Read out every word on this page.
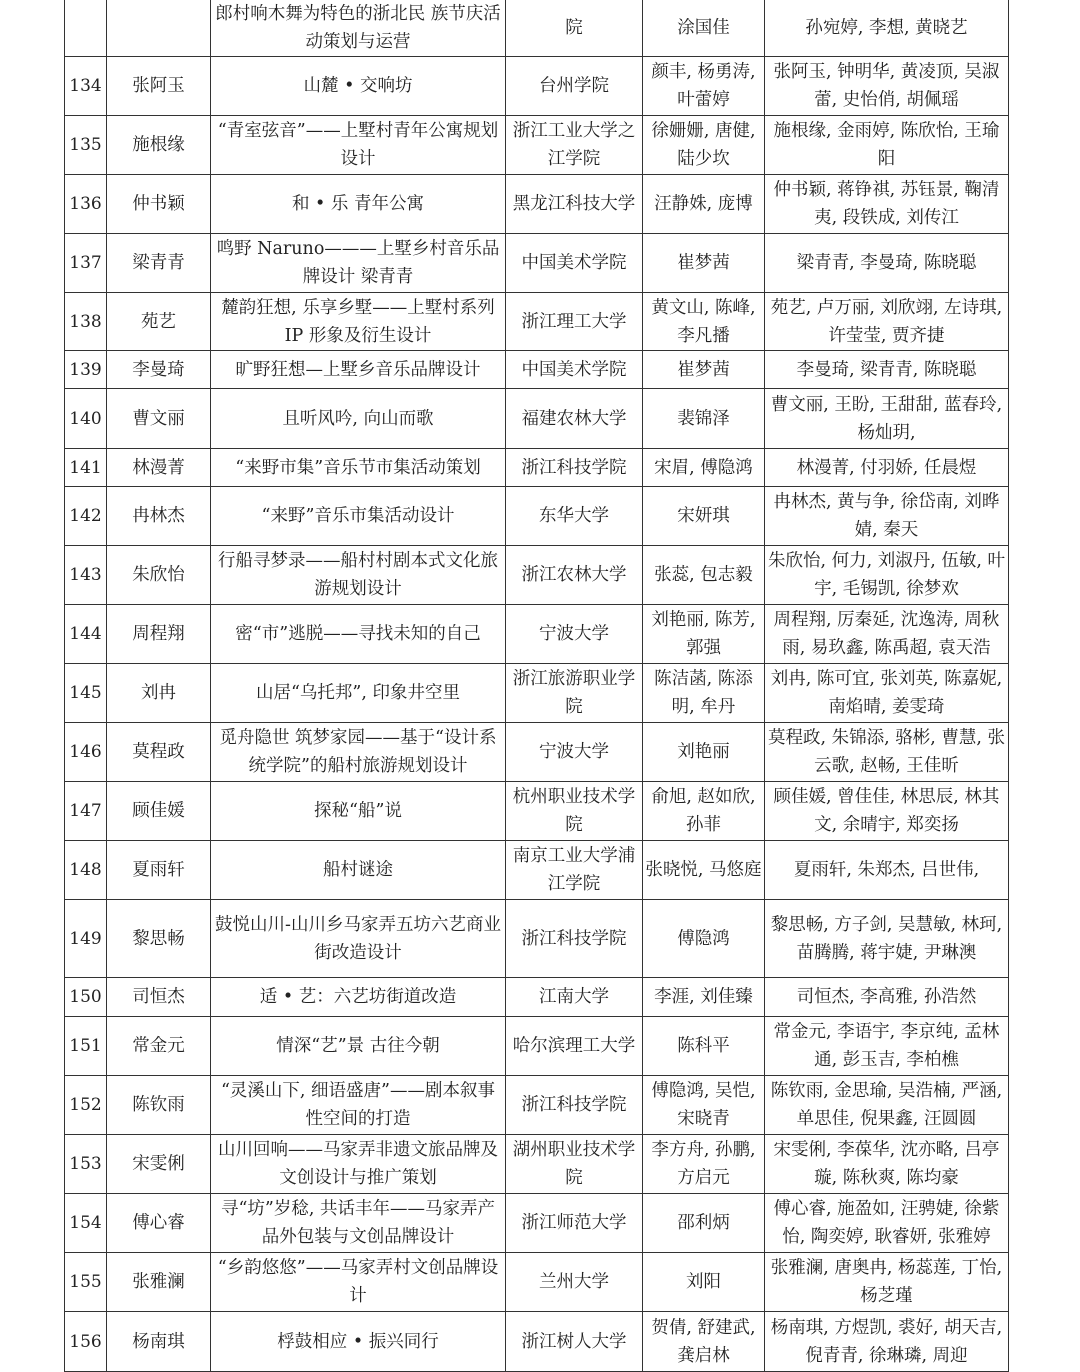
		郎村响木舞为特色的浙北民 族节庆活动策划与运营	院	涂国佳	孙宛婷, 李想, 黄晓艺
134	张阿玉	山麓 • 交响坊	台州学院	颜丰, 杨勇涛, 叶蕾婷	张阿玉, 钟明华, 黄凌顶, 吴淑蕾, 史怡俏, 胡佩瑶
135	施根缘	“青室弦音”——上墅村青年公寓规划设计	浙江工业大学之江学院	徐姗姗, 唐健, 陆少坎	施根缘, 金雨婷, 陈欣怡, 王瑜阳
136	仲书颖	和 • 乐 青年公寓	黑龙江科技大学	汪静姝, 庞博	仲书颖, 蒋铮祺, 苏钰景, 鞠清夷, 段铁成, 刘传江
137	梁青青	鸣野 Naruno———上墅乡村音乐品牌设计 梁青青	中国美术学院	崔梦茜	梁青青, 李曼琦, 陈晓聪
138	苑艺	麓韵狂想, 乐享乡墅——上墅村系列 IP 形象及衍生设计	浙江理工大学	黄文山, 陈峰, 李凡播	苑艺, 卢万丽, 刘欣翊, 左诗琪, 许莹莹, 贾齐捷
139	李曼琦	旷野狂想—上墅乡音乐品牌设计	中国美术学院	崔梦茜	李曼琦, 梁青青, 陈晓聪
140	曹文丽	且听风吟, 向山而歌	福建农林大学	裴锦泽	曹文丽, 王盼, 王甜甜, 蓝春玲, 杨灿玥,
141	林漫菁	“来野市集”音乐节市集活动策划	浙江科技学院	宋眉, 傅隐鸿	林漫菁, 付羽娇, 任晨煜
142	冉林杰	“来野”音乐市集活动设计	东华大学	宋妍琪	冉林杰, 黄与争, 徐岱南, 刘晔婧, 秦天
143	朱欣怡	行船寻梦录——船村村剧本式文化旅游规划设计	浙江农林大学	张蕊, 包志毅	朱欣怡, 何力, 刘淑丹, 伍敏, 叶宇, 毛锡凯, 徐梦欢
144	周程翔	密“市”逃脱——寻找未知的自己	宁波大学	刘艳丽, 陈芳, 郭强	周程翔, 厉秦延, 沈逸涛, 周秋雨, 易玖鑫, 陈禹超, 袁天浩
145	刘冉	山居“乌托邦”, 印象井空里	浙江旅游职业学院	陈洁菡, 陈添明, 牟丹	刘冉, 陈可宜, 张刘英, 陈嘉妮, 南焰晴, 姜雯琦
146	莫程政	觅舟隐世 筑梦家园——基于“设计系统学院”的船村旅游规划设计	宁波大学	刘艳丽	莫程政, 朱锦添, 骆彬, 曹慧, 张云歌, 赵畅, 王佳昕
147	顾佳媛	探秘“船”说	杭州职业技术学院	俞旭, 赵如欣, 孙菲	顾佳媛, 曾佳佳, 林思辰, 林其文, 余晴宇, 郑奕扬
148	夏雨轩	船村谜途	南京工业大学浦江学院	张晓悦, 马悠庭	夏雨轩, 朱郑杰, 吕世伟,
149	黎思畅	鼓悦山川-山川乡马家弄五坊六艺商业街改造设计	浙江科技学院	傅隐鸿	黎思畅, 方子剑, 吴慧敏, 林珂, 苗腾腾, 蒋宇婕, 尹琳澳
150	司恒杰	适 • 艺：六艺坊街道改造	江南大学	李涯, 刘佳臻	司恒杰, 李高雅, 孙浩然
151	常金元	情深“艺”景 古往今朝	哈尔滨理工大学	陈科平	常金元, 李语宇, 李京纯, 孟林通, 彭玉吉, 李柏樵
152	陈钦雨	“灵溪山下, 细语盛唐”——剧本叙事性空间的打造	浙江科技学院	傅隐鸿, 吴恺, 宋晓青	陈钦雨, 金思瑜, 吴浩楠, 严涵, 单思佳, 倪果鑫, 汪圆圆
153	宋雯俐	山川回响——马家弄非遗文旅品牌及文创设计与推广策划	湖州职业技术学院	李方舟, 孙鹏, 方启元	宋雯俐, 李葆华, 沈亦略, 吕亭璇, 陈秋爽, 陈均豪
154	傅心睿	寻“坊”岁稔, 共话丰年——马家弄产品外包装与文创品牌设计	浙江师范大学	邵利炳	傅心睿, 施盈如, 汪骋婕, 徐紫怡, 陶奕婷, 耿睿妍, 张雅婷
155	张雅澜	“乡韵悠悠”——马家弄村文创品牌设计	兰州大学	刘阳	张雅澜, 唐奥冉, 杨蕊莲, 丁怡, 杨芝瑾
156	杨南琪	桴鼓相应 • 振兴同行	浙江树人大学	贺倩, 舒建武, 龚启林	杨南琪, 方煜凯, 裘好, 胡天吉, 倪青青, 徐琳璘, 周迎
